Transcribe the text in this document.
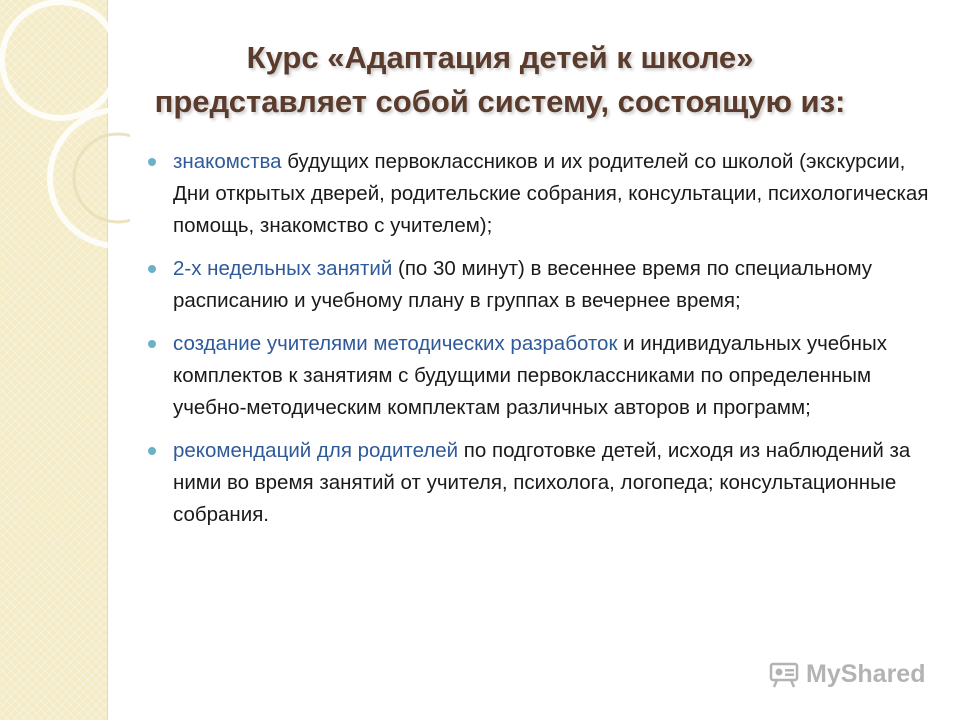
Курс «Адаптация детей к школе»
представляет собой систему, состоящую из:
знакомства будущих первоклассников и их родителей со школой (экскурсии, Дни открытых дверей, родительские собрания, консультации, психологическая помощь, знакомство с учителем);
2-х недельных занятий (по 30 минут) в весеннее время по специальному расписанию и учебному плану в группах в вечернее время;
создание учителями методических разработок и индивидуальных учебных комплектов к занятиям с будущими первоклассниками по определенным учебно-методическим комплектам различных авторов и программ;
рекомендаций для родителей по подготовке детей, исходя из наблюдений за ними во время занятий от учителя, психолога, логопеда; консультационные собрания.
MyShared
